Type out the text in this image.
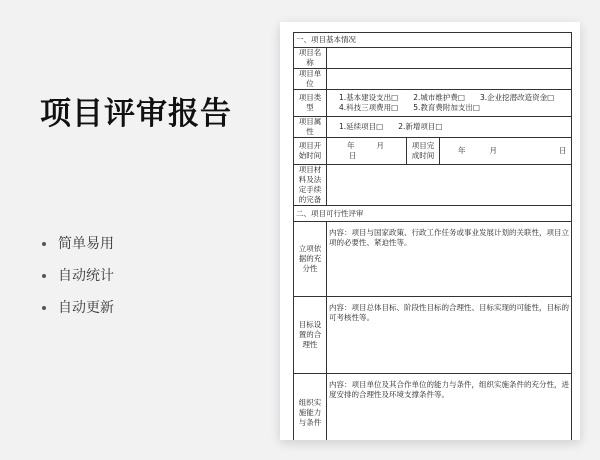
项目评审报告
简单易用
自动统计
自动更新
一、项目基本情况			
项目名称			
项目单位			
项目类型	1.基本建设支出□　　2.城市维护费□　　3.企业挖潜改造资金□
4.科技三项费用□　　5.教育费附加支出□		

项目属性	1.延续项目□　　2.新增项目□		
项目开始时间	年 月日	项目完成时间	年 月 日
项目材料及法定手续的完备			
二、项目可行性评审			
立项依据的充分性	内容：项目与国家政策、行政工作任务或事业发展计划的关联性，项目立项的必要性、紧迫性等。		
目标设置的合理性	内容：项目总体目标、阶段性目标的合理性、目标实现的可能性，目标的可考核性等。		
组织实施能力与条件	内容：项目单位及其合作单位的能力与条件，组织实施条件的充分性，进度安排的合理性及环境支撑条件等。		
